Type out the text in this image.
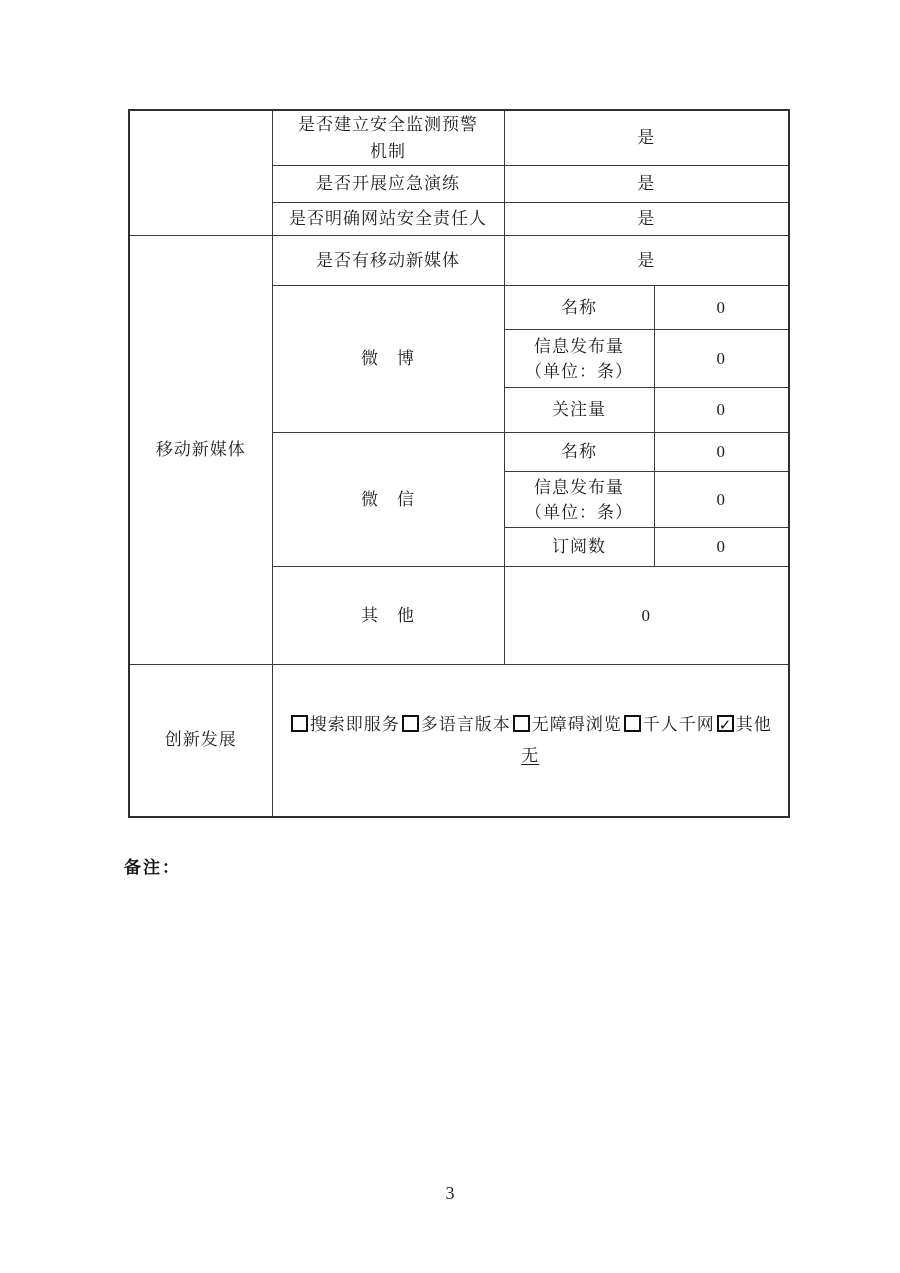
	是否建立安全监测预警机制	是	
	是否开展应急演练	是	
	是否明确网站安全责任人	是	
移动新媒体	是否有移动新媒体	是	
	微　博	名称	0

		信息发布量
（单位：条）	0
		关注量	0
	微　信	名称	0

		信息发布量
（单位：条）	0
		订阅数	0
	其　他	0	
创新发展	搜索即服务 多语言版本 无障碍浏览 千人千网 ✓ 其他
无
备注：
3
